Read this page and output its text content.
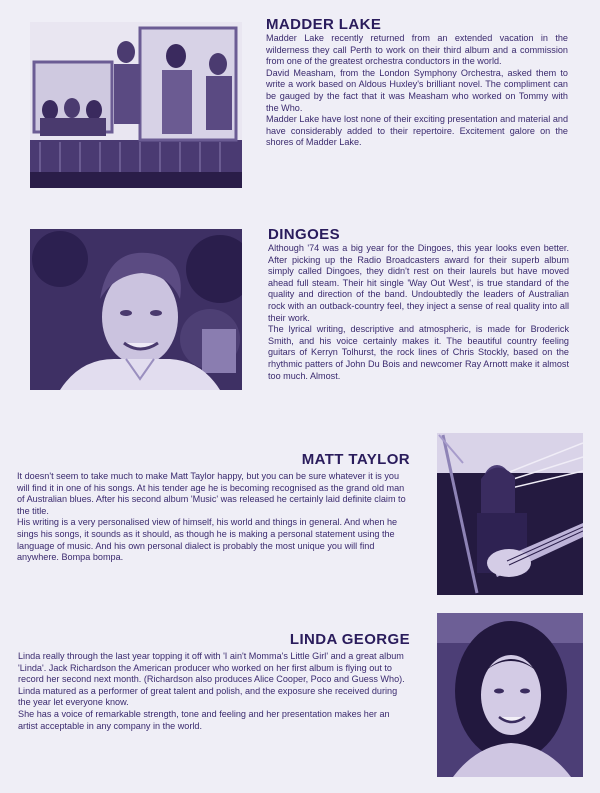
MADDER LAKE

Madder Lake recently returned from an extended vacation in the wilderness they call Perth to work on their third album and a commission from one of the greatest orchestra conductors in the world.

David Measham, from the London Symphony Orchestra, asked them to write a work based on Aldous Huxley's brilliant novel. The compliment can be gauged by the fact that it was Measham who worked on Tommy with the Who.

Madder Lake have lost none of their exciting presentation and material and have considerably added to their repertoire. Excitement galore on the shores of Madder Lake.

DINGOES

Although '74 was a big year for the Dingoes, this year looks even better. After picking up the Radio Broadcasters award for their superb album simply called Dingoes, they didn't rest on their laurels but have moved ahead full steam. Their hit single 'Way Out West', is true standard of the quality and direction of the band. Undoubtedly the leaders of Australian rock with an outback-country feel, they inject a sense of real quality into all their work.

The lyrical writing, descriptive and atmospheric, is made for Broderick Smith, and his voice certainly makes it. The beautiful country feeling guitars of Kerryn Tolhurst, the rock lines of Chris Stockly, based on the rhythmic patters of John Du Bois and newcomer Ray Arnott make it almost too much. Almost.

MATT TAYLOR

It doesn't seem to take much to make Matt Taylor happy, but you can be sure whatever it is you will find it in one of his songs. At his tender age he is becoming recognised as the grand old man of Australian blues. After his second album 'Music' was released he certainly laid definite claim to the title.

His writing is a very personalised view of himself, his world and things in general. And when he sings his songs, it sounds as it should, as though he is making a personal statement using the language of music. And his own personal dialect is probably the most unique you will find anywhere. Bompa bompa.

LINDA GEORGE

Linda really through the last year topping it off with 'I ain't Momma's Little Girl' and a great album 'Linda'. Jack Richardson the American producer who worked on her first album is flying out to record her second next month. (Richardson also produces Alice Cooper, Poco and Guess Who). Linda matured as a performer of great talent and polish, and the exposure she received during the year let everyone know.

She has a voice of remarkable strength, tone and feeling and her presentation makes her an artist acceptable in any company in the world.
